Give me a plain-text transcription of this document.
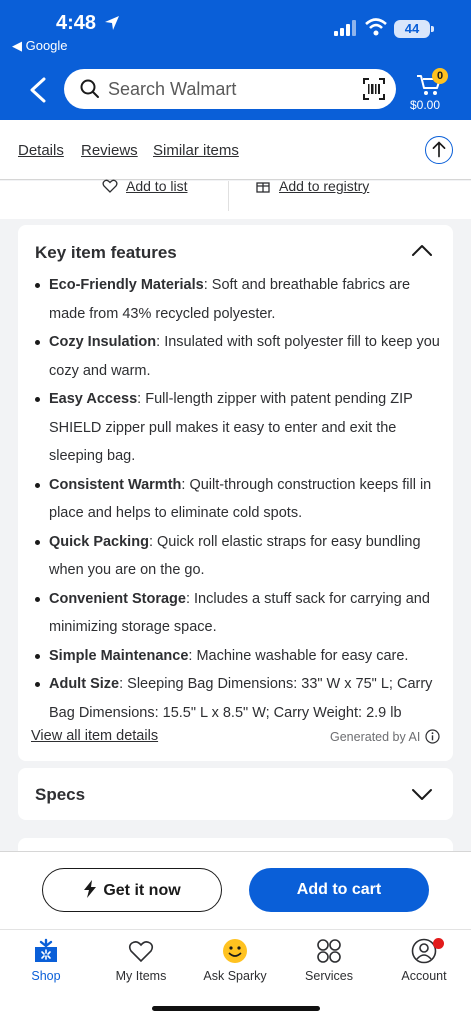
4:48
◀ Google
44
Search Walmart
0
$0.00
Details Reviews Similar items
Add to list	Add to registry
Key item features
Eco-Friendly Materials: Soft and breathable fabrics are made from 43% recycled polyester.
Cozy Insulation: Insulated with soft polyester fill to keep you cozy and warm.
Easy Access: Full-length zipper with patent pending ZIP SHIELD zipper pull makes it easy to enter and exit the sleeping bag.
Consistent Warmth: Quilt-through construction keeps fill in place and helps to eliminate cold spots.
Quick Packing: Quick roll elastic straps for easy bundling when you are on the go.
Convenient Storage: Includes a stuff sack for carrying and minimizing storage space.
Simple Maintenance: Machine washable for easy care.
Adult Size: Sleeping Bag Dimensions: 33" W x 75" L; Carry Bag Dimensions: 15.5" L x 8.5" W; Carry Weight: 2.9 lb
View all item details	Generated by AI
Specs
Get it now	Add to cart
Shop	My Items	Ask Sparky	Services	Account
